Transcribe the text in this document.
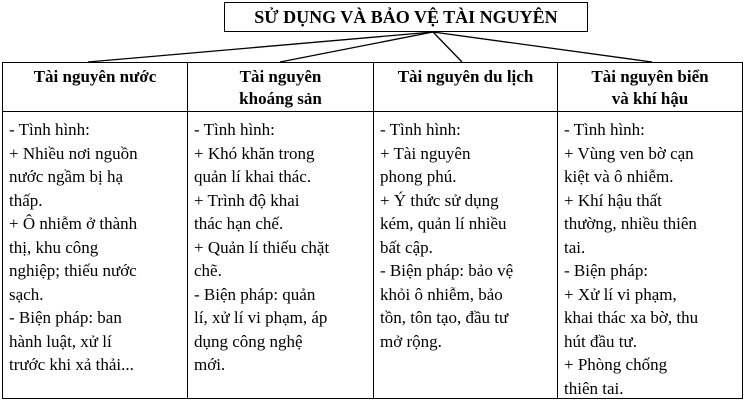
SỬ DỤNG VÀ BẢO VỆ TÀI NGUYÊN
Tài nguyên nước
- Tình hình:
+ Nhiều nơi nguồn
nước ngầm bị hạ
thấp.
+ Ô nhiễm ở thành
thị, khu công
nghiệp; thiếu nước
sạch.
- Biện pháp: ban
hành luật, xử lí
trước khi xả thải...
Tài nguyên
khoáng sản
- Tình hình:
+ Khó khăn trong
quản lí khai thác.
+ Trình độ khai
thác hạn chế.
+ Quản lí thiếu chặt
chẽ.
- Biện pháp: quản
lí, xử lí vi phạm, áp
dụng công nghệ
mới.
Tài nguyên du lịch
- Tình hình:
+ Tài nguyên
phong phú.
+ Ý thức sử dụng
kém, quản lí nhiều
bất cập.
- Biện pháp: bảo vệ
khỏi ô nhiễm, bảo
tồn, tôn tạo, đầu tư
mở rộng.
Tài nguyên biển
và khí hậu
- Tình hình:
+ Vùng ven bờ cạn
kiệt và ô nhiễm.
+ Khí hậu thất
thường, nhiều thiên
tai.
- Biện pháp:
+ Xử lí vi phạm,
khai thác xa bờ, thu
hút đầu tư.
+ Phòng chống
thiên tai.
